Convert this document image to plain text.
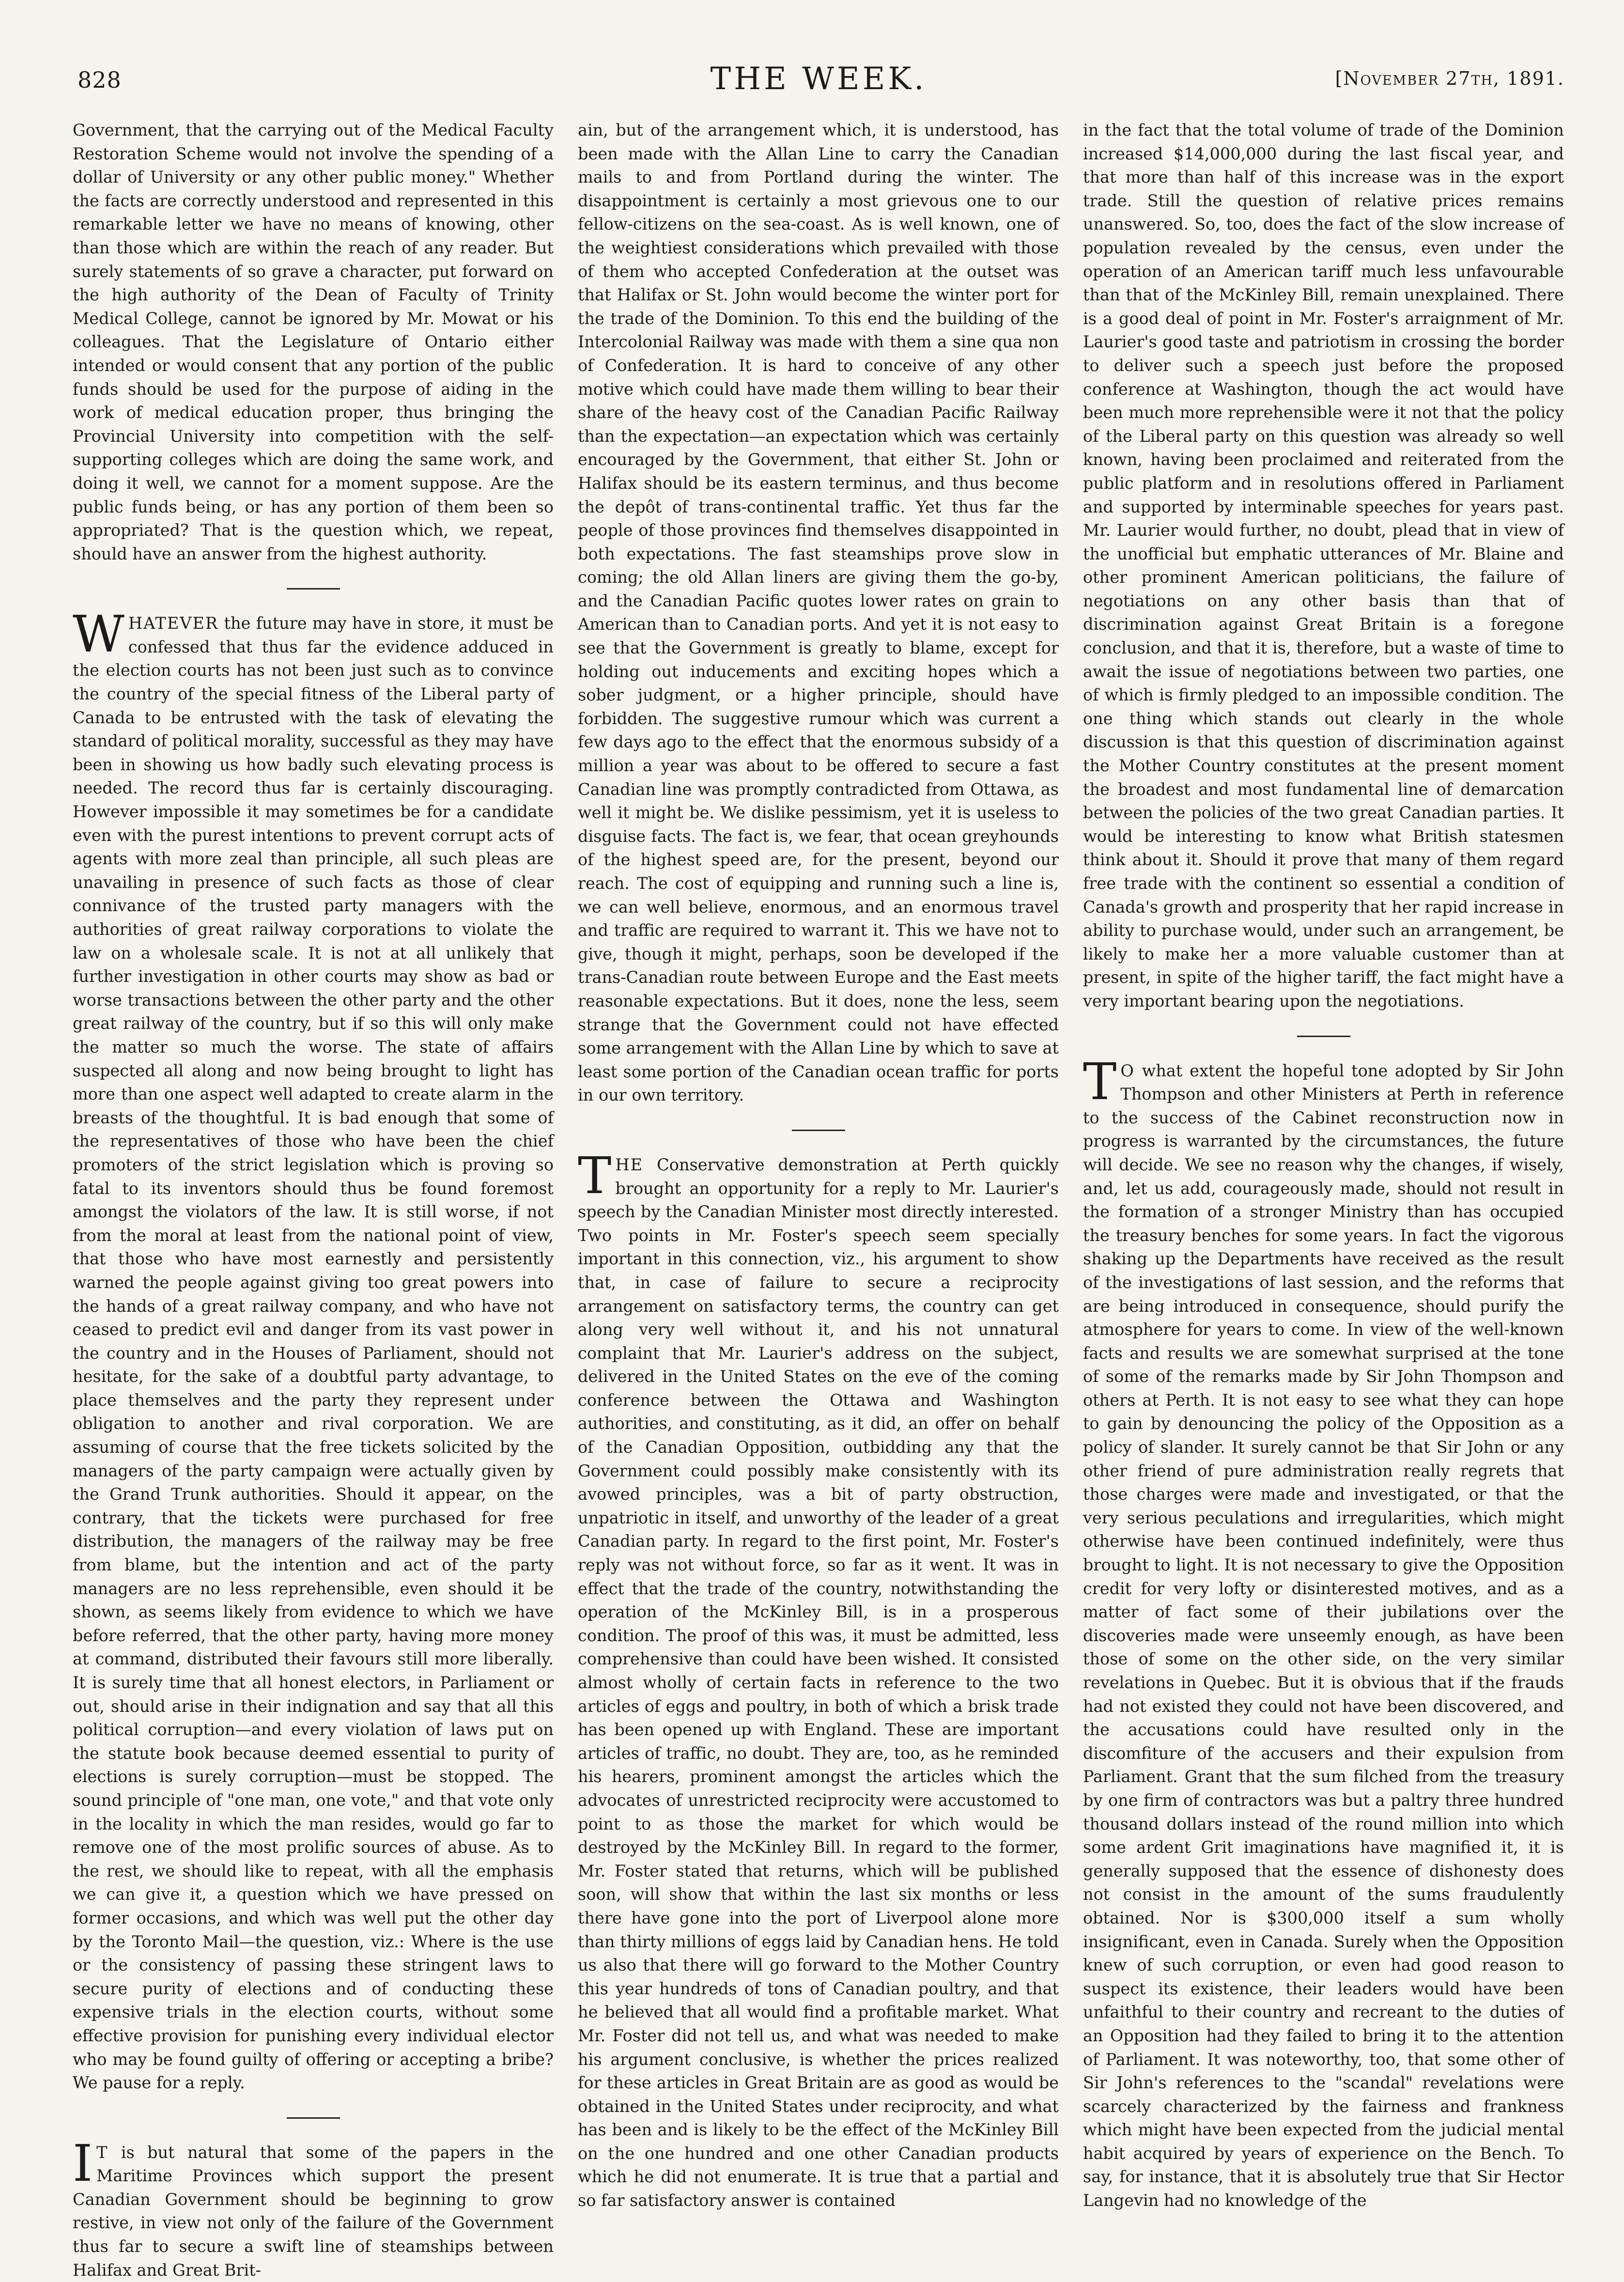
828	THE WEEK.	[November 27th, 1891.

Government, that the carrying out of the Medical Faculty Restoration Scheme would not involve the spending of a dollar of University or any other public money." Whether the facts are correctly understood and represented in this remarkable letter we have no means of knowing, other than those which are within the reach of any reader. But surely statements of so grave a character, put forward on the high authority of the Dean of Faculty of Trinity Medical College, cannot be ignored by Mr. Mowat or his colleagues. That the Legislature of Ontario either intended or would consent that any portion of the public funds should be used for the purpose of aiding in the work of medical education proper, thus bringing the Provincial University into competition with the self-supporting colleges which are doing the same work, and doing it well, we cannot for a moment suppose. Are the public funds being, or has any portion of them been so appropriated? That is the question which, we repeat, should have an answer from the highest authority.

WHATEVER the future may have in store, it must be confessed that thus far the evidence adduced in the election courts has not been just such as to convince the country of the special fitness of the Liberal party of Canada to be entrusted with the task of elevating the standard of political morality, successful as they may have been in showing us how badly such elevating process is needed. The record thus far is certainly discouraging. However impossible it may sometimes be for a candidate even with the purest intentions to prevent corrupt acts of agents with more zeal than principle, all such pleas are unavailing in presence of such facts as those of clear connivance of the trusted party managers with the authorities of great railway corporations to violate the law on a wholesale scale. It is not at all unlikely that further investigation in other courts may show as bad or worse transactions between the other party and the other great railway of the country, but if so this will only make the matter so much the worse. The state of affairs suspected all along and now being brought to light has more than one aspect well adapted to create alarm in the breasts of the thoughtful. It is bad enough that some of the representatives of those who have been the chief promoters of the strict legislation which is proving so fatal to its inventors should thus be found foremost amongst the violators of the law. It is still worse, if not from the moral at least from the national point of view, that those who have most earnestly and persistently warned the people against giving too great powers into the hands of a great railway company, and who have not ceased to predict evil and danger from its vast power in the country and in the Houses of Parliament, should not hesitate, for the sake of a doubtful party advantage, to place themselves and the party they represent under obligation to another and rival corporation. We are assuming of course that the free tickets solicited by the managers of the party campaign were actually given by the Grand Trunk authorities. Should it appear, on the contrary, that the tickets were purchased for free distribution, the managers of the railway may be free from blame, but the intention and act of the party managers are no less reprehensible, even should it be shown, as seems likely from evidence to which we have before referred, that the other party, having more money at command, distributed their favours still more liberally. It is surely time that all honest electors, in Parliament or out, should arise in their indignation and say that all this political corruption—and every violation of laws put on the statute book because deemed essential to purity of elections is surely corruption—must be stopped. The sound principle of "one man, one vote," and that vote only in the locality in which the man resides, would go far to remove one of the most prolific sources of abuse. As to the rest, we should like to repeat, with all the emphasis we can give it, a question which we have pressed on former occasions, and which was well put the other day by the Toronto Mail—the question, viz.: Where is the use or the consistency of passing these stringent laws to secure purity of elections and of conducting these expensive trials in the election courts, without some effective provision for punishing every individual elector who may be found guilty of offering or accepting a bribe? We pause for a reply.

I T is but natural that some of the papers in the Maritime Provinces which support the present Canadian Government should be beginning to grow restive, in view not only of the failure of the Government thus far to secure a swift line of steamships between Halifax and Great Brit-

ain, but of the arrangement which, it is understood, has been made with the Allan Line to carry the Canadian mails to and from Portland during the winter. The disappointment is certainly a most grievous one to our fellow-citizens on the sea-coast. As is well known, one of the weightiest considerations which prevailed with those of them who accepted Confederation at the outset was that Halifax or St. John would become the winter port for the trade of the Dominion. To this end the building of the Intercolonial Railway was made with them a sine qua non of Confederation. It is hard to conceive of any other motive which could have made them willing to bear their share of the heavy cost of the Canadian Pacific Railway than the expectation—an expectation which was certainly encouraged by the Government, that either St. John or Halifax should be its eastern terminus, and thus become the depôt of trans-continental traffic. Yet thus far the people of those provinces find themselves disappointed in both expectations. The fast steamships prove slow in coming; the old Allan liners are giving them the go-by, and the Canadian Pacific quotes lower rates on grain to American than to Canadian ports. And yet it is not easy to see that the Government is greatly to blame, except for holding out inducements and exciting hopes which a sober judgment, or a higher principle, should have forbidden. The suggestive rumour which was current a few days ago to the effect that the enormous subsidy of a million a year was about to be offered to secure a fast Canadian line was promptly contradicted from Ottawa, as well it might be. We dislike pessimism, yet it is useless to disguise facts. The fact is, we fear, that ocean greyhounds of the highest speed are, for the present, beyond our reach. The cost of equipping and running such a line is, we can well believe, enormous, and an enormous travel and traffic are required to warrant it. This we have not to give, though it might, perhaps, soon be developed if the trans-Canadian route between Europe and the East meets reasonable expectations. But it does, none the less, seem strange that the Government could not have effected some arrangement with the Allan Line by which to save at least some portion of the Canadian ocean traffic for ports in our own territory.

THE Conservative demonstration at Perth quickly brought an opportunity for a reply to Mr. Laurier's speech by the Canadian Minister most directly interested. Two points in Mr. Foster's speech seem specially important in this connection, viz., his argument to show that, in case of failure to secure a reciprocity arrangement on satisfactory terms, the country can get along very well without it, and his not unnatural complaint that Mr. Laurier's address on the subject, delivered in the United States on the eve of the coming conference between the Ottawa and Washington authorities, and constituting, as it did, an offer on behalf of the Canadian Opposition, outbidding any that the Government could possibly make consistently with its avowed principles, was a bit of party obstruction, unpatriotic in itself, and unworthy of the leader of a great Canadian party. In regard to the first point, Mr. Foster's reply was not without force, so far as it went. It was in effect that the trade of the country, notwithstanding the operation of the McKinley Bill, is in a prosperous condition. The proof of this was, it must be admitted, less comprehensive than could have been wished. It consisted almost wholly of certain facts in reference to the two articles of eggs and poultry, in both of which a brisk trade has been opened up with England. These are important articles of traffic, no doubt. They are, too, as he reminded his hearers, prominent amongst the articles which the advocates of unrestricted reciprocity were accustomed to point to as those the market for which would be destroyed by the McKinley Bill. In regard to the former, Mr. Foster stated that returns, which will be published soon, will show that within the last six months or less there have gone into the port of Liverpool alone more than thirty millions of eggs laid by Canadian hens. He told us also that there will go forward to the Mother Country this year hundreds of tons of Canadian poultry, and that he believed that all would find a profitable market. What Mr. Foster did not tell us, and what was needed to make his argument conclusive, is whether the prices realized for these articles in Great Britain are as good as would be obtained in the United States under reciprocity, and what has been and is likely to be the effect of the McKinley Bill on the one hundred and one other Canadian products which he did not enumerate. It is true that a partial and so far satisfactory answer is contained

in the fact that the total volume of trade of the Dominion increased $14,000,000 during the last fiscal year, and that more than half of this increase was in the export trade. Still the question of relative prices remains unanswered. So, too, does the fact of the slow increase of population revealed by the census, even under the operation of an American tariff much less unfavourable than that of the McKinley Bill, remain unexplained. There is a good deal of point in Mr. Foster's arraignment of Mr. Laurier's good taste and patriotism in crossing the border to deliver such a speech just before the proposed conference at Washington, though the act would have been much more reprehensible were it not that the policy of the Liberal party on this question was already so well known, having been proclaimed and reiterated from the public platform and in resolutions offered in Parliament and supported by interminable speeches for years past. Mr. Laurier would further, no doubt, plead that in view of the unofficial but emphatic utterances of Mr. Blaine and other prominent American politicians, the failure of negotiations on any other basis than that of discrimination against Great Britain is a foregone conclusion, and that it is, therefore, but a waste of time to await the issue of negotiations between two parties, one of which is firmly pledged to an impossible condition. The one thing which stands out clearly in the whole discussion is that this question of discrimination against the Mother Country constitutes at the present moment the broadest and most fundamental line of demarcation between the policies of the two great Canadian parties. It would be interesting to know what British statesmen think about it. Should it prove that many of them regard free trade with the continent so essential a condition of Canada's growth and prosperity that her rapid increase in ability to purchase would, under such an arrangement, be likely to make her a more valuable customer than at present, in spite of the higher tariff, the fact might have a very important bearing upon the negotiations.

T O what extent the hopeful tone adopted by Sir John Thompson and other Ministers at Perth in reference to the success of the Cabinet reconstruction now in progress is warranted by the circumstances, the future will decide. We see no reason why the changes, if wisely, and, let us add, courageously made, should not result in the formation of a stronger Ministry than has occupied the treasury benches for some years. In fact the vigorous shaking up the Departments have received as the result of the investigations of last session, and the reforms that are being introduced in consequence, should purify the atmosphere for years to come. In view of the well-known facts and results we are somewhat surprised at the tone of some of the remarks made by Sir John Thompson and others at Perth. It is not easy to see what they can hope to gain by denouncing the policy of the Opposition as a policy of slander. It surely cannot be that Sir John or any other friend of pure administration really regrets that those charges were made and investigated, or that the very serious peculations and irregularities, which might otherwise have been continued indefinitely, were thus brought to light. It is not necessary to give the Opposition credit for very lofty or disinterested motives, and as a matter of fact some of their jubilations over the discoveries made were unseemly enough, as have been those of some on the other side, on the very similar revelations in Quebec. But it is obvious that if the frauds had not existed they could not have been discovered, and the accusations could have resulted only in the discomfiture of the accusers and their expulsion from Parliament. Grant that the sum filched from the treasury by one firm of contractors was but a paltry three hundred thousand dollars instead of the round million into which some ardent Grit imaginations have magnified it, it is generally supposed that the essence of dishonesty does not consist in the amount of the sums fraudulently obtained. Nor is $300,000 itself a sum wholly insignificant, even in Canada. Surely when the Opposition knew of such corruption, or even had good reason to suspect its existence, their leaders would have been unfaithful to their country and recreant to the duties of an Opposition had they failed to bring it to the attention of Parliament. It was noteworthy, too, that some other of Sir John's references to the "scandal" revelations were scarcely characterized by the fairness and frankness which might have been expected from the judicial mental habit acquired by years of experience on the Bench. To say, for instance, that it is absolutely true that Sir Hector Langevin had no knowledge of the
